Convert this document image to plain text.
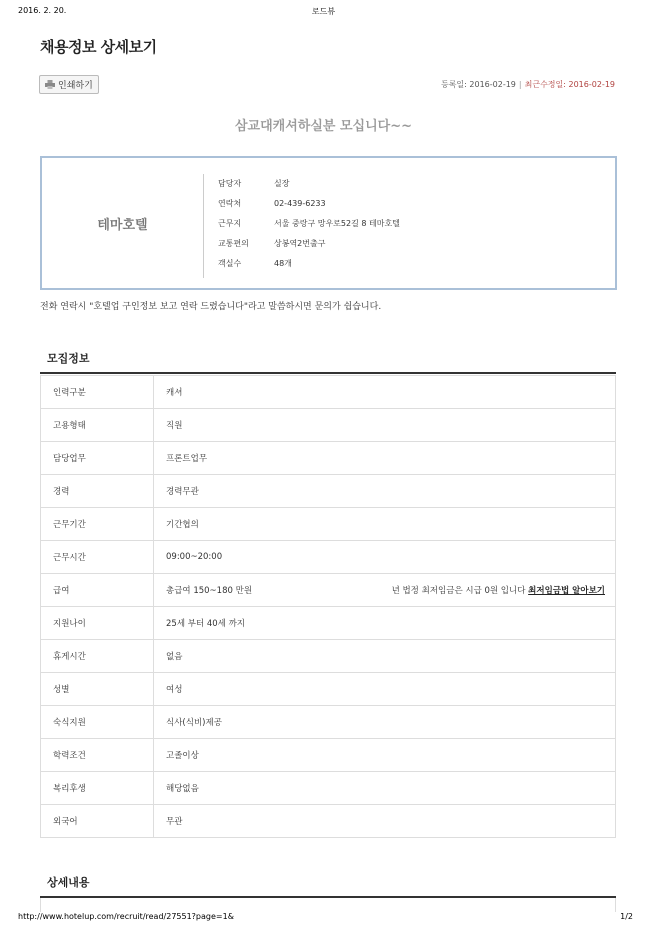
2016. 2. 20.	로드뷰
채용정보 상세보기
인쇄하기	등록일: 2016-02-19 | 최근수정일: 2016-02-19
삼교대캐셔하실분 모십니다~~
테마호텔
담당자	실장
연락처	02-439-6233
근무지	서울 중랑구 망우로52길 8 테마호텔
교통편의	상봉역2번출구
객실수	48개
전화 연락시 "호텔업 구인정보 보고 연락 드렸습니다"라고 말씀하시면 문의가 쉽습니다.
모집정보
인력구분	캐셔
고용형태	직원
담당업무	프론트업무
경력	경력무관
근무기간	기간협의
근무시간	09:00~20:00
급여	총급여 150~180 만원 년 법정 최저임금은 시급 0원 입니다 최저임금법 알아보기

지원나이	25세 부터 40세 까지
휴게시간	없음
성별	여성
숙식지원	식사(식비)제공
학력조건	고졸이상
복리후생	해당없음
외국어	무관
상세내용
http://www.hotelup.com/recruit/read/27551?page=1&	1/2
